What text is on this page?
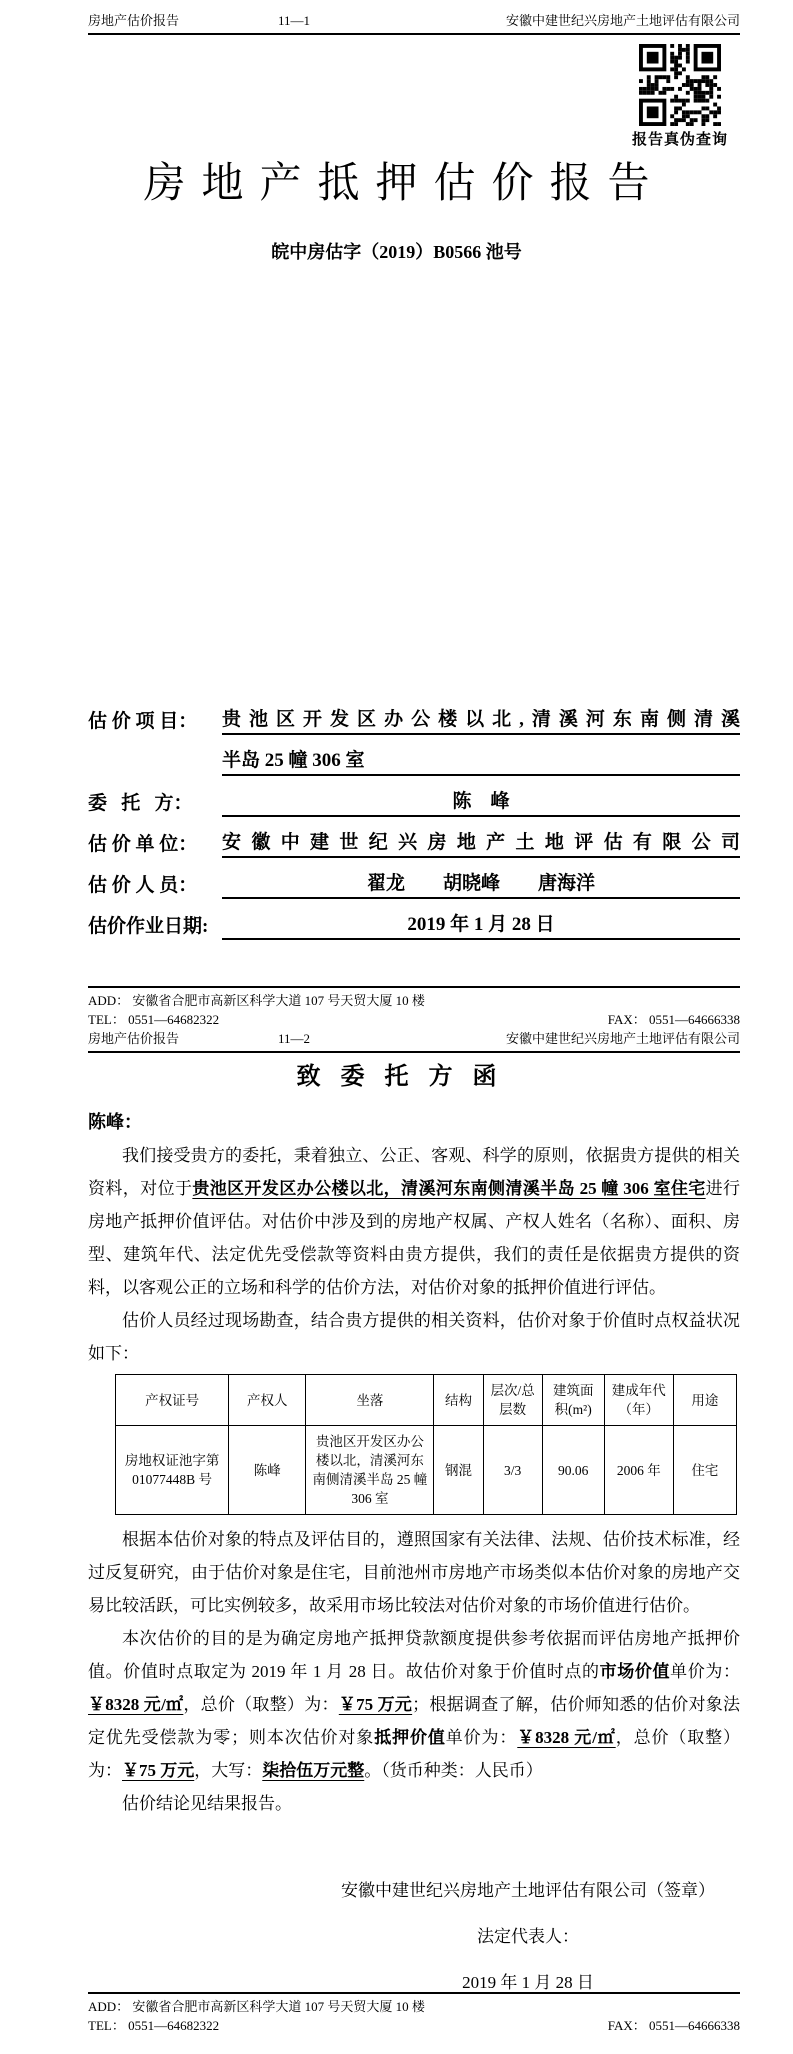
房地产估价报告	11—1	安徽中建世纪兴房地产土地评估有限公司
报告真伪查询
房地产抵押估价报告
皖中房估字（2019）B0566 池号
估 价 项 目：	贵池区开发区办公楼以北,清溪河东南侧清溪
半岛 25 幢 306 室
委   托   方：	陈　峰
估 价 单 位：	安徽中建世纪兴房地产土地评估有限公司
估 价 人 员：	翟龙　　胡晓峰　　唐海洋
估价作业日期:	2019 年 1 月 28 日
ADD： 安徽省合肥市高新区科学大道 107 号天贸大厦 10 楼
TEL： 0551—64682322	FAX： 0551—64666338
房地产估价报告	11—2	安徽中建世纪兴房地产土地评估有限公司
致委托方函
陈峰：
我们接受贵方的委托，秉着独立、公正、客观、科学的原则，依据贵方提供的相关资料，对位于贵池区开发区办公楼以北，清溪河东南侧清溪半岛 25 幢 306 室住宅进行房地产抵押价值评估。对估价中涉及到的房地产权属、产权人姓名（名称）、面积、房型、建筑年代、法定优先受偿款等资料由贵方提供，我们的责任是依据贵方提供的资料，以客观公正的立场和科学的估价方法，对估价对象的抵押价值进行评估。
估价人员经过现场勘查，结合贵方提供的相关资料，估价对象于价值时点权益状况如下：
产权证号	产权人	坐落	结构	层次/总层数	建筑面积(m²)	建成年代（年）	用途
房地权证池字第 01077448B 号	陈峰	贵池区开发区办公楼以北，清溪河东南侧清溪半岛 25 幢 306 室	钢混	3/3	90.06	2006 年	住宅
根据本估价对象的特点及评估目的，遵照国家有关法律、法规、估价技术标准，经过反复研究，由于估价对象是住宅，目前池州市房地产市场类似本估价对象的房地产交易比较活跃，可比实例较多，故采用市场比较法对估价对象的市场价值进行估价。
本次估价的目的是为确定房地产抵押贷款额度提供参考依据而评估房地产抵押价值。价值时点取定为 2019 年 1 月 28 日。故估价对象于价值时点的市场价值单价为：￥8328 元/㎡，总价（取整）为：￥75 万元；根据调查了解，估价师知悉的估价对象法定优先受偿款为零；则本次估价对象抵押价值单价为：￥8328 元/㎡，总价（取整）为：￥75 万元，大写：柒拾伍万元整。（货币种类：人民币）
估价结论见结果报告。
安徽中建世纪兴房地产土地评估有限公司（签章）
法定代表人：
2019 年 1 月 28 日
ADD： 安徽省合肥市高新区科学大道 107 号天贸大厦 10 楼
TEL： 0551—64682322	FAX： 0551—64666338
